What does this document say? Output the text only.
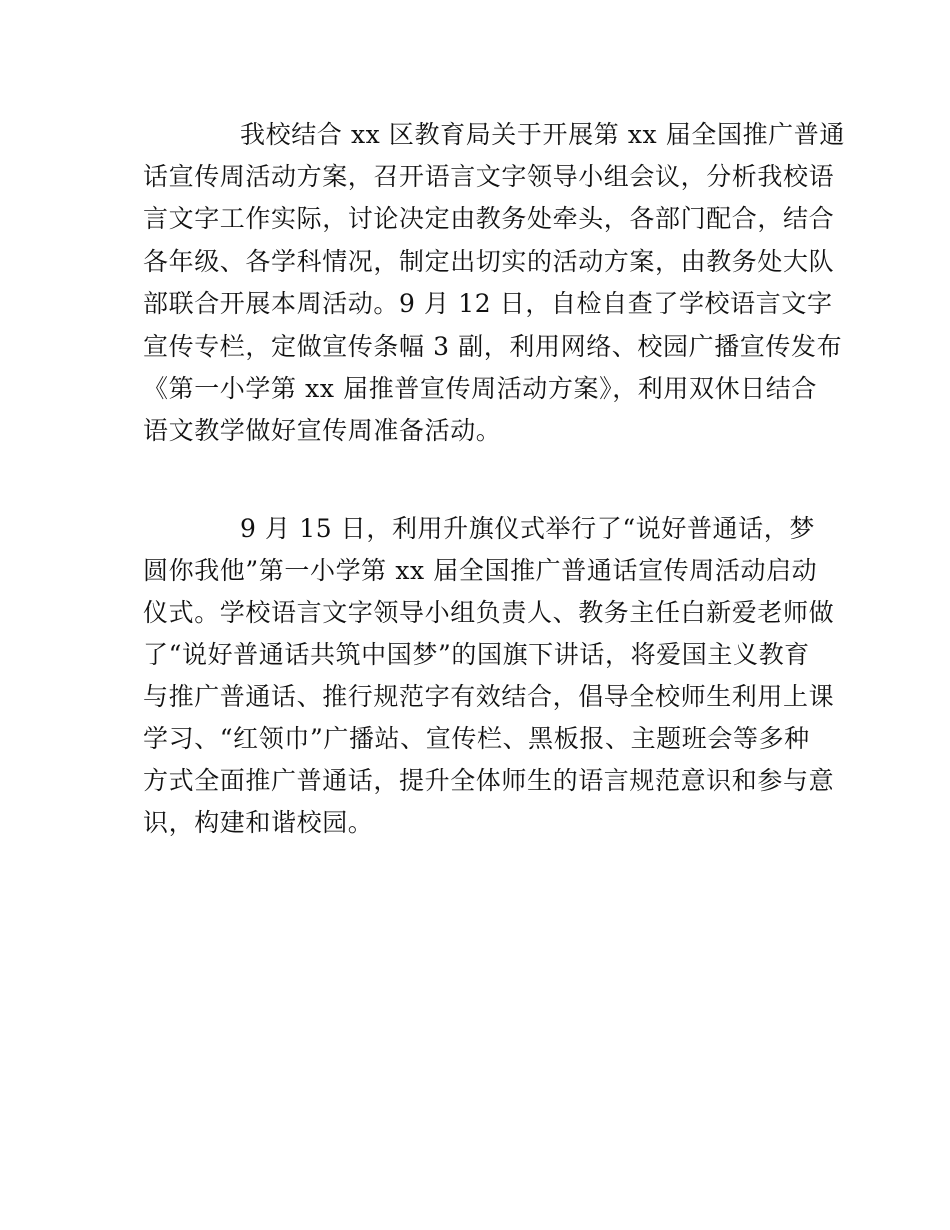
我校结合 xx 区教育局关于开展第 xx 届全国推广普通
话宣传周活动方案，召开语言文字领导小组会议，分析我校语
言文字工作实际，讨论决定由教务处牵头，各部门配合，结合
各年级、各学科情况，制定出切实的活动方案，由教务处大队
部联合开展本周活动。9 月 12 日，自检自查了学校语言文字
宣传专栏，定做宣传条幅 3 副，利用网络、校园广播宣传发布
《第一小学第 xx 届推普宣传周活动方案》，利用双休日结合
语文教学做好宣传周准备活动。
9 月 15 日，利用升旗仪式举行了“说好普通话，梦
圆你我他”第一小学第 xx 届全国推广普通话宣传周活动启动
仪式。学校语言文字领导小组负责人、教务主任白新爱老师做
了“说好普通话共筑中国梦”的国旗下讲话，将爱国主义教育
与推广普通话、推行规范字有效结合，倡导全校师生利用上课
学习、“红领巾”广播站、宣传栏、黑板报、主题班会等多种
方式全面推广普通话，提升全体师生的语言规范意识和参与意
识，构建和谐校园。
